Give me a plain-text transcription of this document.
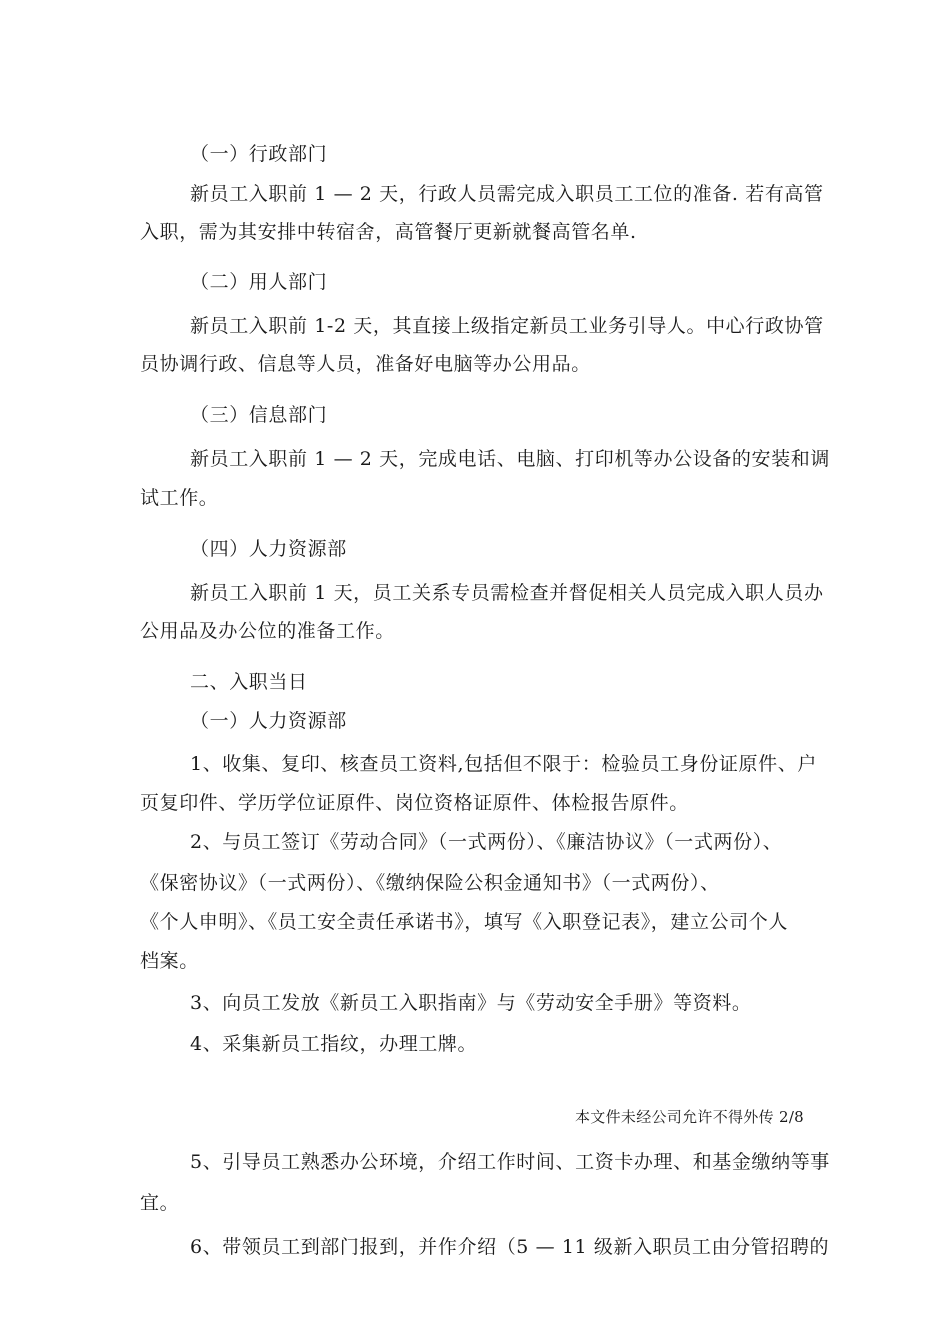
（一）行政部门
新员工入职前 1 — 2 天，行政人员需完成入职员工工位的准备. 若有高管
入职，需为其安排中转宿舍，高管餐厅更新就餐高管名单.
（二）用人部门
新员工入职前 1-2 天，其直接上级指定新员工业务引导人。中心行政协管
员协调行政、信息等人员，准备好电脑等办公用品。
（三）信息部门
新员工入职前 1 — 2 天，完成电话、电脑、打印机等办公设备的安装和调
试工作。
（四）人力资源部
新员工入职前 1 天，员工关系专员需检查并督促相关人员完成入职人员办
公用品及办公位的准备工作。
二、入职当日
（一）人力资源部
1、收集、复印、核查员工资料,包括但不限于：检验员工身份证原件、户
页复印件、学历学位证原件、岗位资格证原件、体检报告原件。
2、与员工签订《劳动合同》（一式两份）、《廉洁协议》（一式两份）、
《保密协议》（一式两份）、《缴纳保险公积金通知书》（一式两份）、
《个人申明》、《员工安全责任承诺书》，填写《入职登记表》，建立公司个人
档案。
3、向员工发放《新员工入职指南》与《劳动安全手册》等资料。
4、采集新员工指纹，办理工牌。
本文件未经公司允许不得外传 2/8
5、引导员工熟悉办公环境，介绍工作时间、工资卡办理、和基金缴纳等事
宜。
6、带领员工到部门报到，并作介绍（5 — 11 级新入职员工由分管招聘的
